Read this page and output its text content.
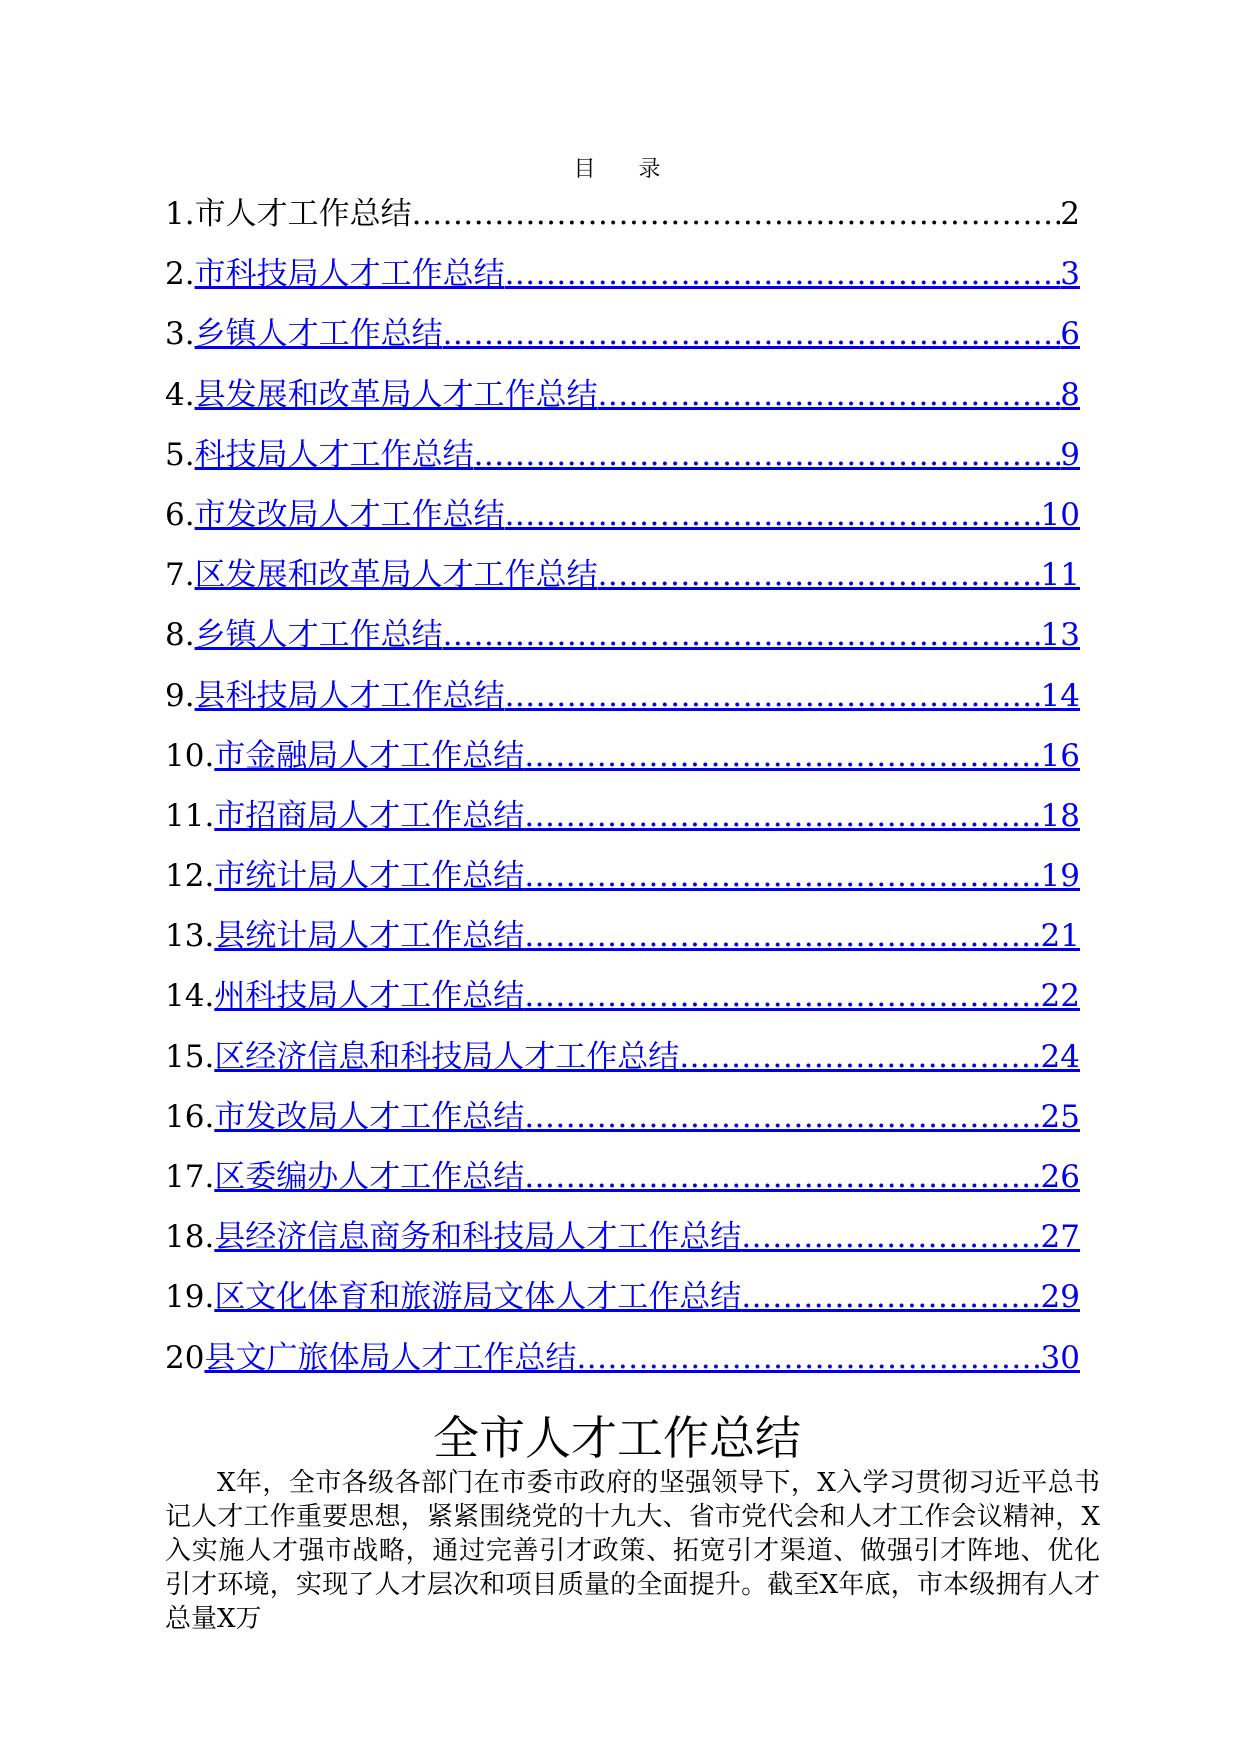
目 录
1. 市人才工作总结 .....	2
2. 市科技局人才工作总结 .....	3
3. 乡镇人才工作总结 .....	6
4. 县发展和改革局人才工作总结 .....	8
5. 科技局人才工作总结 .....	9
6. 市发改局人才工作总结 .....	10
7. 区发展和改革局人才工作总结 .....	11
8. 乡镇人才工作总结 .....	13
9. 县科技局人才工作总结 .....	14
10. 市金融局人才工作总结 .....	16
11. 市招商局人才工作总结 .....	18
12. 市统计局人才工作总结 .....	19
13. 县统计局人才工作总结 .....	21
14. 州科技局人才工作总结 .....	22
15. 区经济信息和科技局人才工作总结 .....	24
16. 市发改局人才工作总结 .....	25
17. 区委编办人才工作总结 .....	26
18. 县经济信息商务和科技局人才工作总结 .....	27
19. 区文化体育和旅游局文体人才工作总结 .....	29
20 县文广旅体局人才工作总结 .....	30
全市人才工作总结

X年，全市各级各部门在市委市政府的坚强领导下，X入学习贯彻习近平总书记人才工作重要思想，紧紧围绕党的十九大、省市党代会和人才工作会议精神，X入实施人才强市战略，通过完善引才政策、拓宽引才渠道、做强引才阵地、优化引才环境，实现了人才层次和项目质量的全面提升。截至X年底，市本级拥有人才总量X万
